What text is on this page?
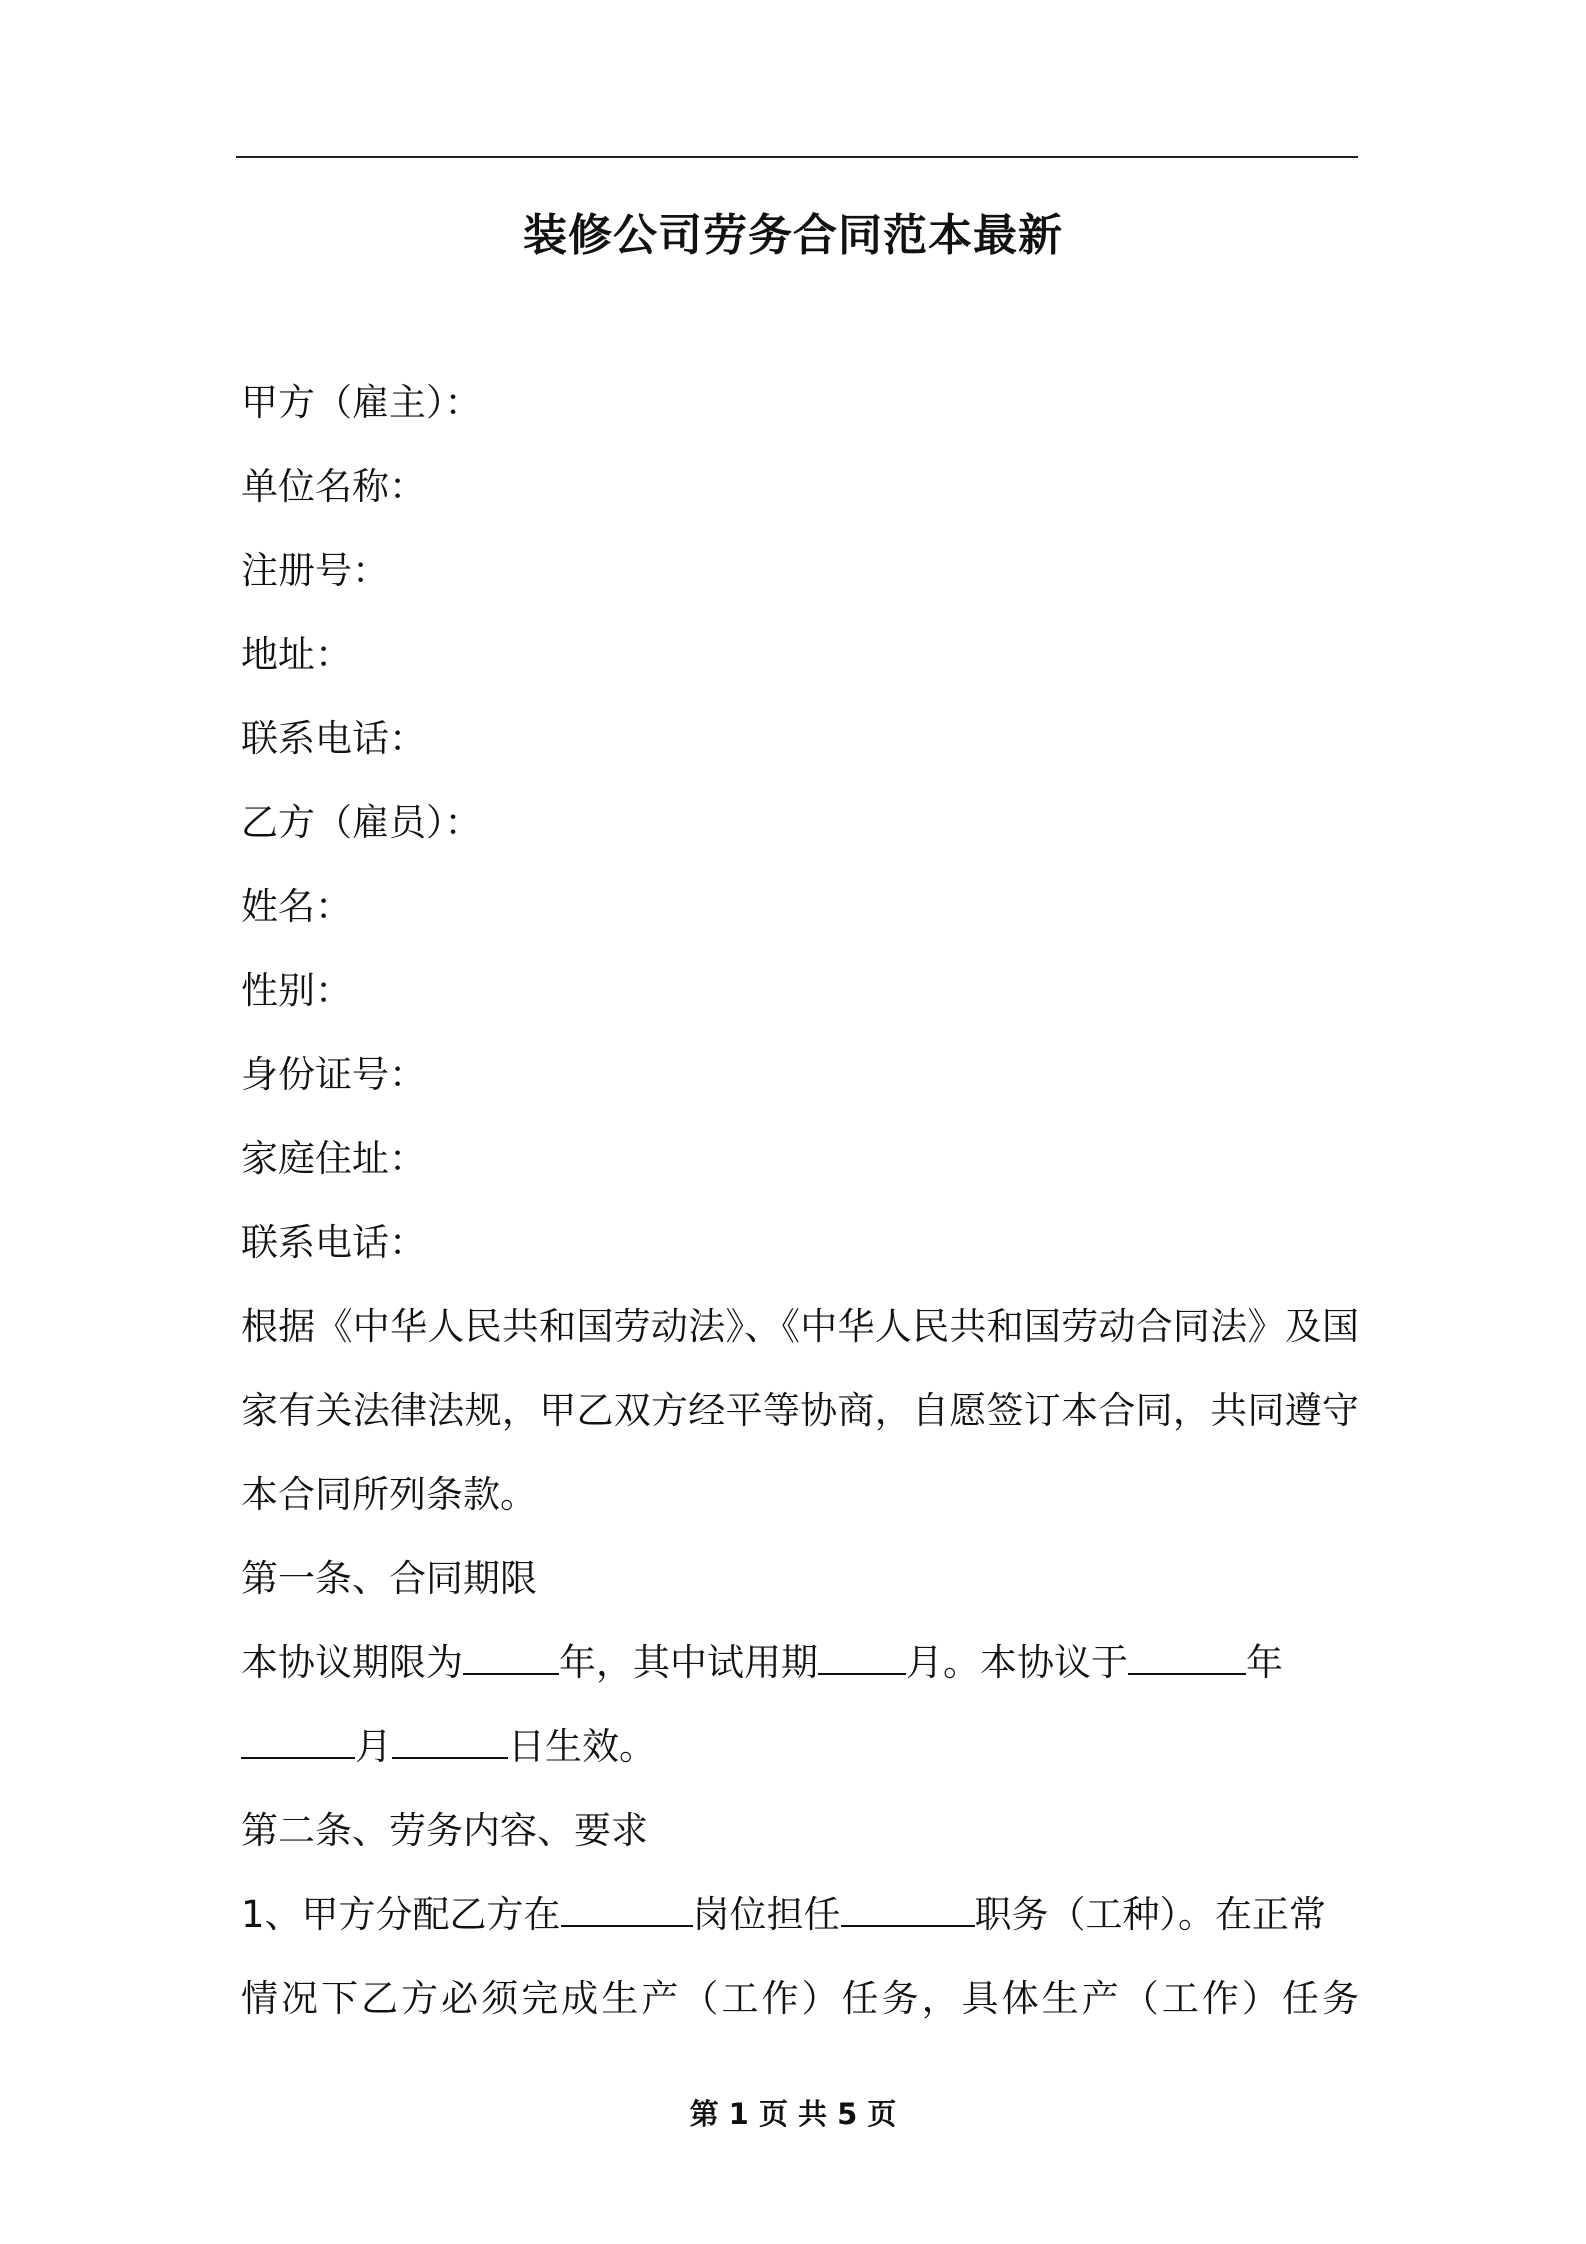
装修公司劳务合同范本最新
甲方（雇主）：
单位名称：
注册号：
地址：
联系电话：
乙方（雇员）：
姓名：
性别：
身份证号：
家庭住址：
联系电话：
根据《中华人民共和国劳动法》、《中华人民共和国劳动合同法》及国
家有关法律法规，甲乙双方经平等协商，自愿签订本合同，共同遵守
本合同所列条款。
第一条、合同期限
本协议期限为	年，其中试用期 月。本协议于	年
月	日生效。
第二条、劳务内容、要求
1、甲方分配乙方在	岗位担任	职务（工种）。在正常
情况下乙方必须完成生产（工作）任务，具体生产（工作）任务
第 1 页 共 5 页
